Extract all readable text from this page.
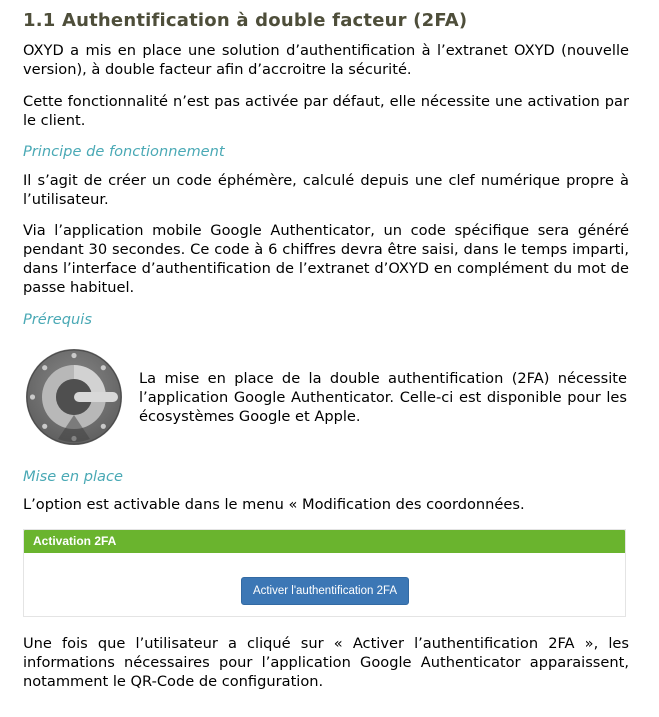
1.1 Authentification à double facteur (2FA)

OXYD a mis en place une solution d’authentification à l’extranet OXYD (nouvelle version), à double facteur afin d’accroitre la sécurité.

Cette fonctionnalité n’est pas activée par défaut, elle nécessite une activation par le client.

Principe de fonctionnement

Il s’agit de créer un code éphémère, calculé depuis une clef numérique propre à l’utilisateur.

Via l’application mobile Google Authenticator, un code spécifique sera généré pendant 30 secondes. Ce code à 6 chiffres devra être saisi, dans le temps imparti, dans l’interface d’authentification de l’extranet d’OXYD en complément du mot de passe habituel.

Prérequis

La mise en place de la double authentification (2FA) nécessite l’application Google Authenticator. Celle-ci est disponible pour les écosystèmes Google et Apple.

Mise en place

L’option est activable dans le menu « Modification des coordonnées.

Activation 2FA
Activer l'authentification 2FA

Une fois que l’utilisateur a cliqué sur « Activer l’authentification 2FA », les informations nécessaires pour l’application Google Authenticator apparaissent, notamment le QR-Code de configuration.
